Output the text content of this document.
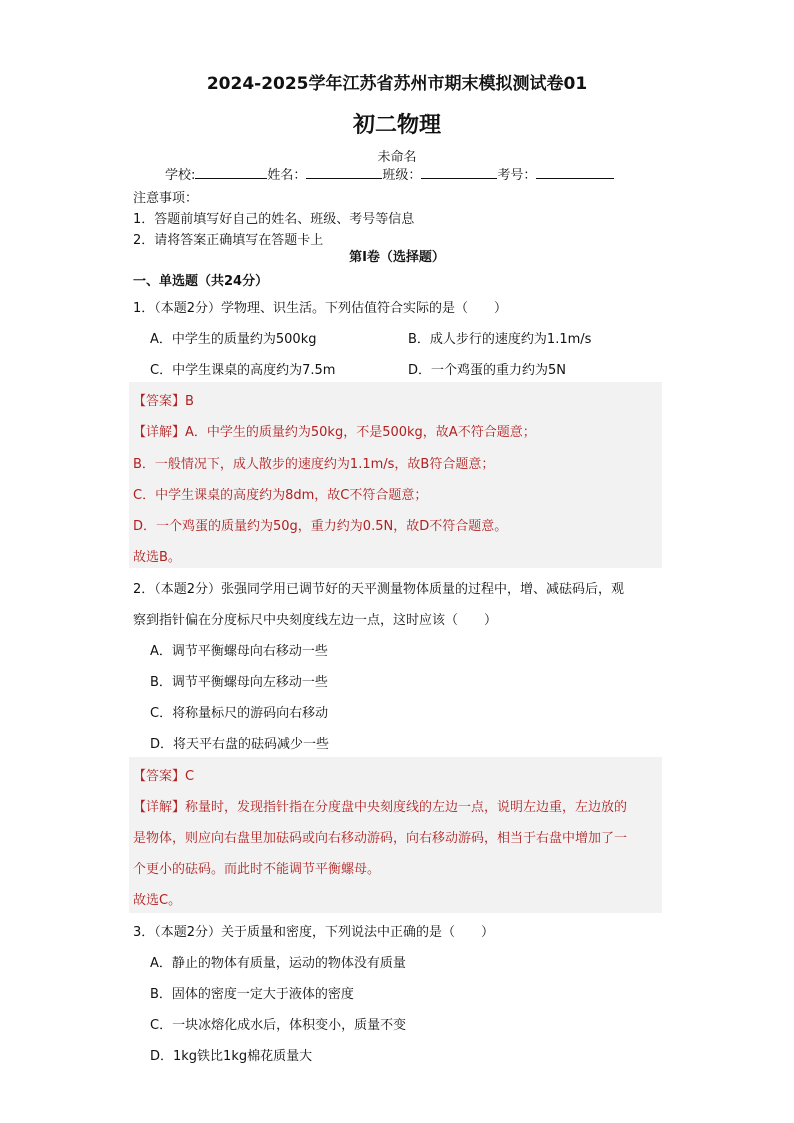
2024-2025学年江苏省苏州市期末模拟测试卷01
初二物理
未命名
学校:	姓名：	班级：	考号：
注意事项：
1．答题前填写好自己的姓名、班级、考号等信息
2．请将答案正确填写在答题卡上
第I卷（选择题）
一、单选题（共24分）
1．（本题2分）学物理、识生活。下列估值符合实际的是（　　）
A．中学生的质量约为500kg	B．成人步行的速度约为1.1m/s
C．中学生课桌的高度约为7.5m	D．一个鸡蛋的重力约为5N
【答案】B
【详解】A．中学生的质量约为50kg，不是500kg，故A不符合题意；
B．一般情况下，成人散步的速度约为1.1m/s，故B符合题意；
C．中学生课桌的高度约为8dm，故C不符合题意；
D．一个鸡蛋的质量约为50g，重力约为0.5N，故D不符合题意。
故选B。
2．（本题2分）张强同学用已调节好的天平测量物体质量的过程中，增、减砝码后，观
察到指针偏在分度标尺中央刻度线左边一点，这时应该（　　）
A．调节平衡螺母向右移动一些
B．调节平衡螺母向左移动一些
C．将称量标尺的游码向右移动
D．将天平右盘的砝码减少一些
【答案】C
【详解】称量时，发现指针指在分度盘中央刻度线的左边一点，说明左边重，左边放的
是物体，则应向右盘里加砝码或向右移动游码，向右移动游码，相当于右盘中增加了一
个更小的砝码。而此时不能调节平衡螺母。
故选C。
3．（本题2分）关于质量和密度，下列说法中正确的是（　　）
A．静止的物体有质量，运动的物体没有质量
B．固体的密度一定大于液体的密度
C．一块冰熔化成水后，体积变小，质量不变
D．1kg铁比1kg棉花质量大
